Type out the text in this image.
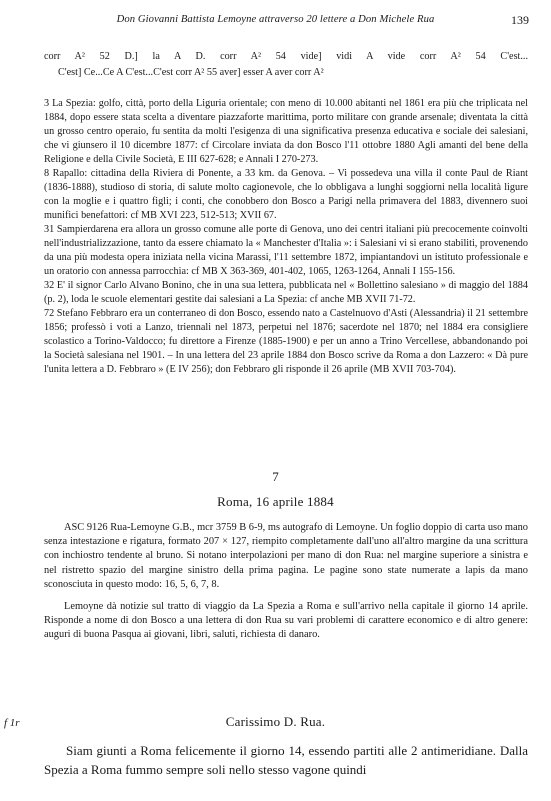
Don Giovanni Battista Lemoyne attraverso 20 lettere a Don Michele Rua	139

corr A² 52 D.] la A D. corr A² 54 vide] vidi A vide corr A² 54 C'est...

C'est] Ce...Ce A C'est...C'est corr A² 55 aver] esser A aver corr A²

3 La Spezia: golfo, città, porto della Liguria orientale; con meno di 10.000 abitanti nel 1861 era più che triplicata nel 1884, dopo essere stata scelta a diventare piazzaforte marittima, porto militare con grande arsenale; diventata la città un grosso centro operaio, fu sentita da molti l'esigenza di una significativa presenza educativa e sociale dei salesiani, che vi giunsero il 10 dicembre 1877: cf Circolare inviata da don Bosco l'11 ottobre 1880 Agli amanti del bene della Religione e della Civile Società, E III 627-628; e Annali I 270-273.

8 Rapallo: cittadina della Riviera di Ponente, a 33 km. da Genova. – Vi possedeva una villa il conte Paul de Riant (1836-1888), studioso di storia, di salute molto cagionevole, che lo obbligava a lunghi soggiorni nella località ligure con la moglie e i quattro figli; i conti, che conobbero don Bosco a Parigi nella primavera del 1883, divennero suoi munifici benefattori: cf MB XVI 223, 512-513; XVII 67.

31 Sampierdarena era allora un grosso comune alle porte di Genova, uno dei centri italiani più precocemente coinvolti nell'industrializzazione, tanto da essere chiamato la « Manchester d'Italia »: i Salesiani vi si erano stabiliti, provenendo da una più modesta opera iniziata nella vicina Marassi, l'11 settembre 1872, impiantandovi un istituto professionale e un oratorio con annessa parrocchia: cf MB X 363-369, 401-402, 1065, 1263-1264, Annali I 155-156.

32 E' il signor Carlo Alvano Bonino, che in una sua lettera, pubblicata nel « Bollettino salesiano » di maggio del 1884 (p. 2), loda le scuole elementari gestite dai salesiani a La Spezia: cf anche MB XVII 71-72.

72 Stefano Febbraro era un conterraneo di don Bosco, essendo nato a Castelnuovo d'Asti (Alessandria) il 21 settembre 1856; professò i voti a Lanzo, triennali nel 1873, perpetui nel 1876; sacerdote nel 1870; nel 1884 era consigliere scolastico a Torino-Valdocco; fu direttore a Firenze (1885-1900) e per un anno a Trino Vercellese, abbandonando poi la Società salesiana nel 1901. – In una lettera del 23 aprile 1884 don Bosco scrive da Roma a don Lazzero: « Dà pure l'unita lettera a D. Febbraro » (E IV 256); don Febbraro gli risponde il 26 aprile (MB XVII 703-704).

7
Roma, 16 aprile 1884

ASC 9126 Rua-Lemoyne G.B., mcr 3759 B 6-9, ms autografo di Lemoyne. Un foglio doppio di carta uso mano senza intestazione e rigatura, formato 207 × 127, riempito completamente dall'uno all'altro margine da una scrittura con inchiostro tendente al bruno. Si notano interpolazioni per mano di don Rua: nel margine superiore a sinistra e nel ristretto spazio del margine sinistro della prima pagina. Le pagine sono state numerate a lapis da mano sconosciuta in questo modo: 16, 5, 6, 7, 8.

Lemoyne dà notizie sul tratto di viaggio da La Spezia a Roma e sull'arrivo nella capitale il giorno 14 aprile. Risponde a nome di don Bosco a una lettera di don Rua su vari problemi di carattere economico e di altro genere: auguri di buona Pasqua ai giovani, libri, saluti, richiesta di danaro.

f 1r	Carissimo D. Rua.

Siam giunti a Roma felicemente il giorno 14, essendo partiti alle 2 antimeridiane. Dalla Spezia a Roma fummo sempre soli nello stesso vagone quindi
